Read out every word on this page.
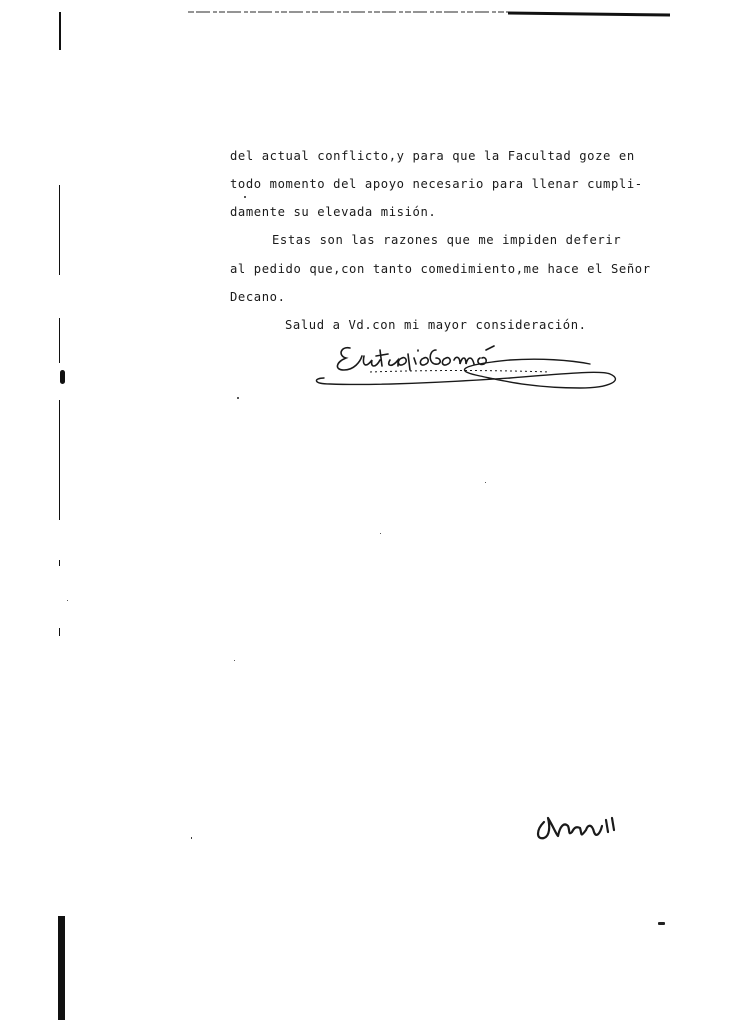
del actual conflicto,y para que la Facultad goze en
todo momento del apoyo necesario para llenar cumpli-
damente su elevada misión.
Estas son las razones que me impiden deferir
al pedido que,con tanto comedimiento,me hace el Señor
Decano.
Salud a Vd.con mi mayor consideración.
